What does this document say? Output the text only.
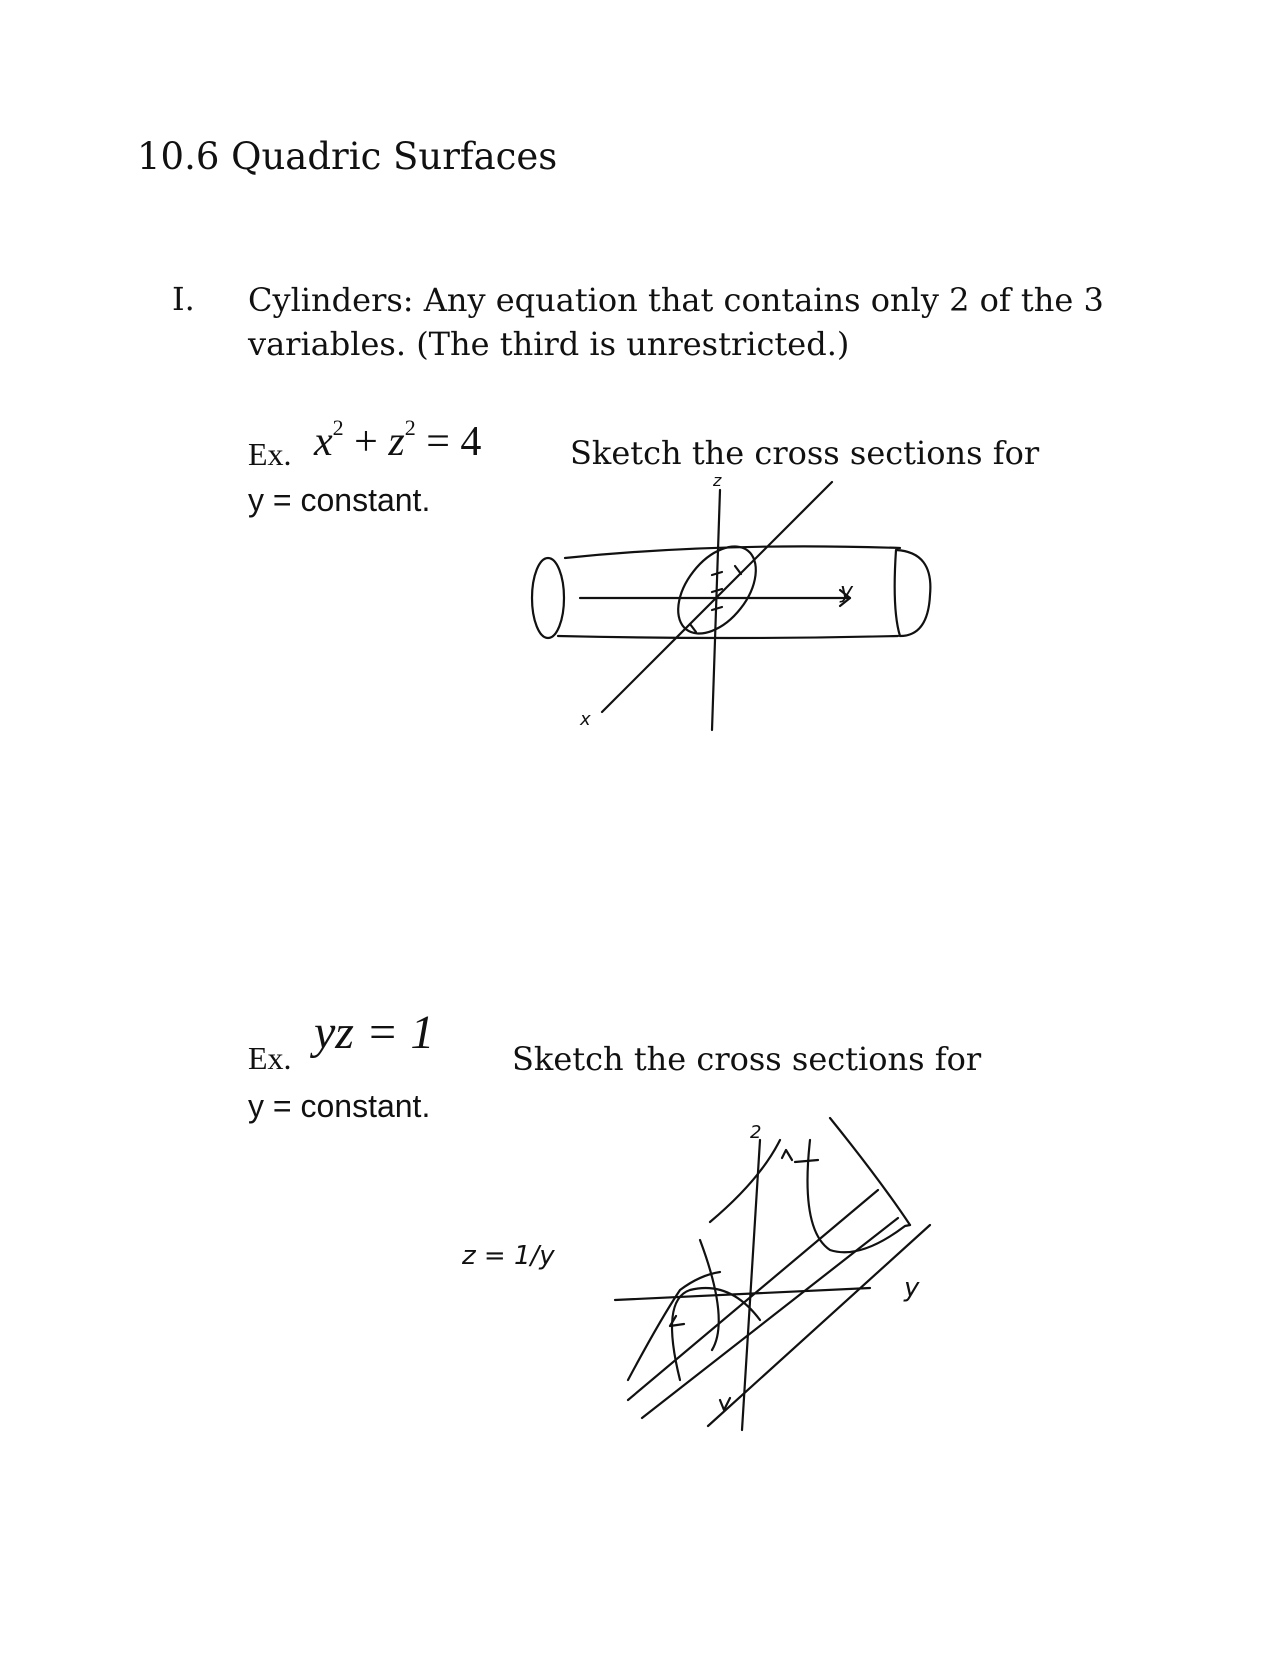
10.6 Quadric Surfaces
I. Cylinders: Any equation that contains only 2 of the 3
variables. (The third is unrestricted.)
Ex. $x^2 + z^2 = 4$	Sketch the cross sections for
y = constant.
Ex. yz = 1 Sketch the cross sections for
y = constant.
z
y
x
2
y
z = 1/y
